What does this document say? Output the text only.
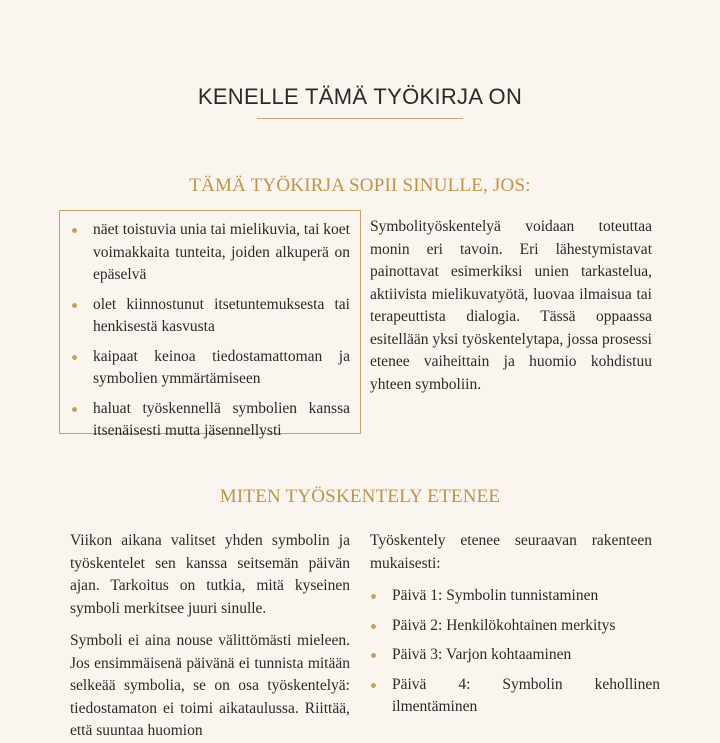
KENELLE TÄMÄ TYÖKIRJA ON
TÄMÄ TYÖKIRJA SOPII SINULLE, JOS:
näet toistuvia unia tai mielikuvia, tai koet voimakkaita tunteita, joiden alkuperä on epäselvä
olet kiinnostunut itsetuntemuksesta tai henkisestä kasvusta
kaipaat keinoa tiedostamattoman ja symbolien ymmärtämiseen
haluat työskennellä symbolien kanssa itsenäisesti mutta jäsennellysti

Symbolityöskentelyä voidaan toteuttaa monin eri tavoin. Eri lähestymistavat painottavat esimerkiksi unien tarkastelua, aktiivista mielikuvatyötä, luovaa ilmaisua tai terapeuttista dialogia. Tässä oppaassa esitellään yksi työskentelytapa, jossa prosessi etenee vaiheittain ja huomio kohdistuu yhteen symboliin.

MITEN TYÖSKENTELY ETENEE

Viikon aikana valitset yhden symbolin ja työskentelet sen kanssa seitsemän päivän ajan. Tarkoitus on tutkia, mitä kyseinen symboli merkitsee juuri sinulle.

Symboli ei aina nouse välittömästi mieleen. Jos ensimmäisenä päivänä ei tunnista mitään selkeää symbolia, se on osa työskentelyä: tiedostamaton ei toimi aikataulussa. Riittää, että suuntaa huomion

Työskentely etenee seuraavan rakenteen mukaisesti:

Päivä 1: Symbolin tunnistaminen
Päivä 2: Henkilökohtainen merkitys
Päivä 3: Varjon kohtaaminen
Päivä 4: Symbolin kehollinen ilmentäminen
